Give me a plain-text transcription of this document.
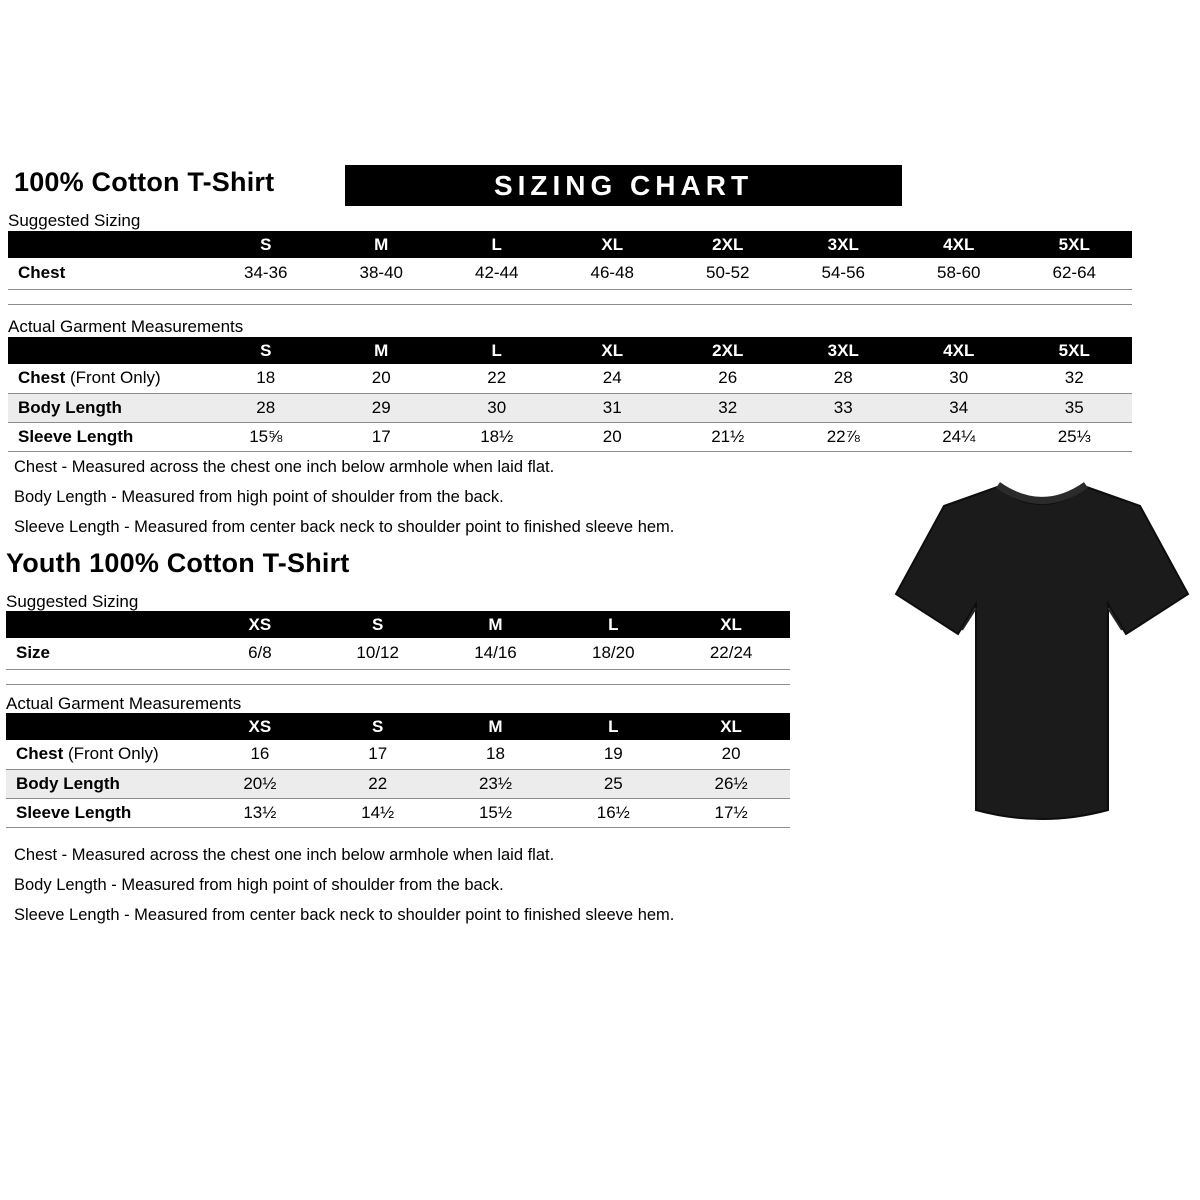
100% Cotton T-Shirt	SIZING CHART
Suggested Sizing
	S	M	L	XL	2XL	3XL	4XL	5XL
Chest	34-36	38-40	42-44	46-48	50-52	54-56	58-60	62-64

Actual Garment Measurements
	S	M	L	XL	2XL	3XL	4XL	5XL
Chest (Front Only)	18	20	22	24	26	28	30	32
Body Length	28	29	30	31	32	33	34	35
Sleeve Length	15⅝	17	18½	20	21½	22⅞	24¼	25⅓
Chest - Measured across the chest one inch below armhole when laid flat.
Body Length - Measured from high point of shoulder from the back.
Sleeve Length - Measured from center back neck to shoulder point to finished sleeve hem.
Youth 100% Cotton T-Shirt
Suggested Sizing
	XS	S	M	L	XL
Size	6/8	10/12	14/16	18/20	22/24

Actual Garment Measurements
	XS	S	M	L	XL
Chest (Front Only)	16	17	18	19	20
Body Length	20½	22	23½	25	26½
Sleeve Length	13½	14½	15½	16½	17½
Chest - Measured across the chest one inch below armhole when laid flat.
Body Length - Measured from high point of shoulder from the back.
Sleeve Length - Measured from center back neck to shoulder point to finished sleeve hem.
